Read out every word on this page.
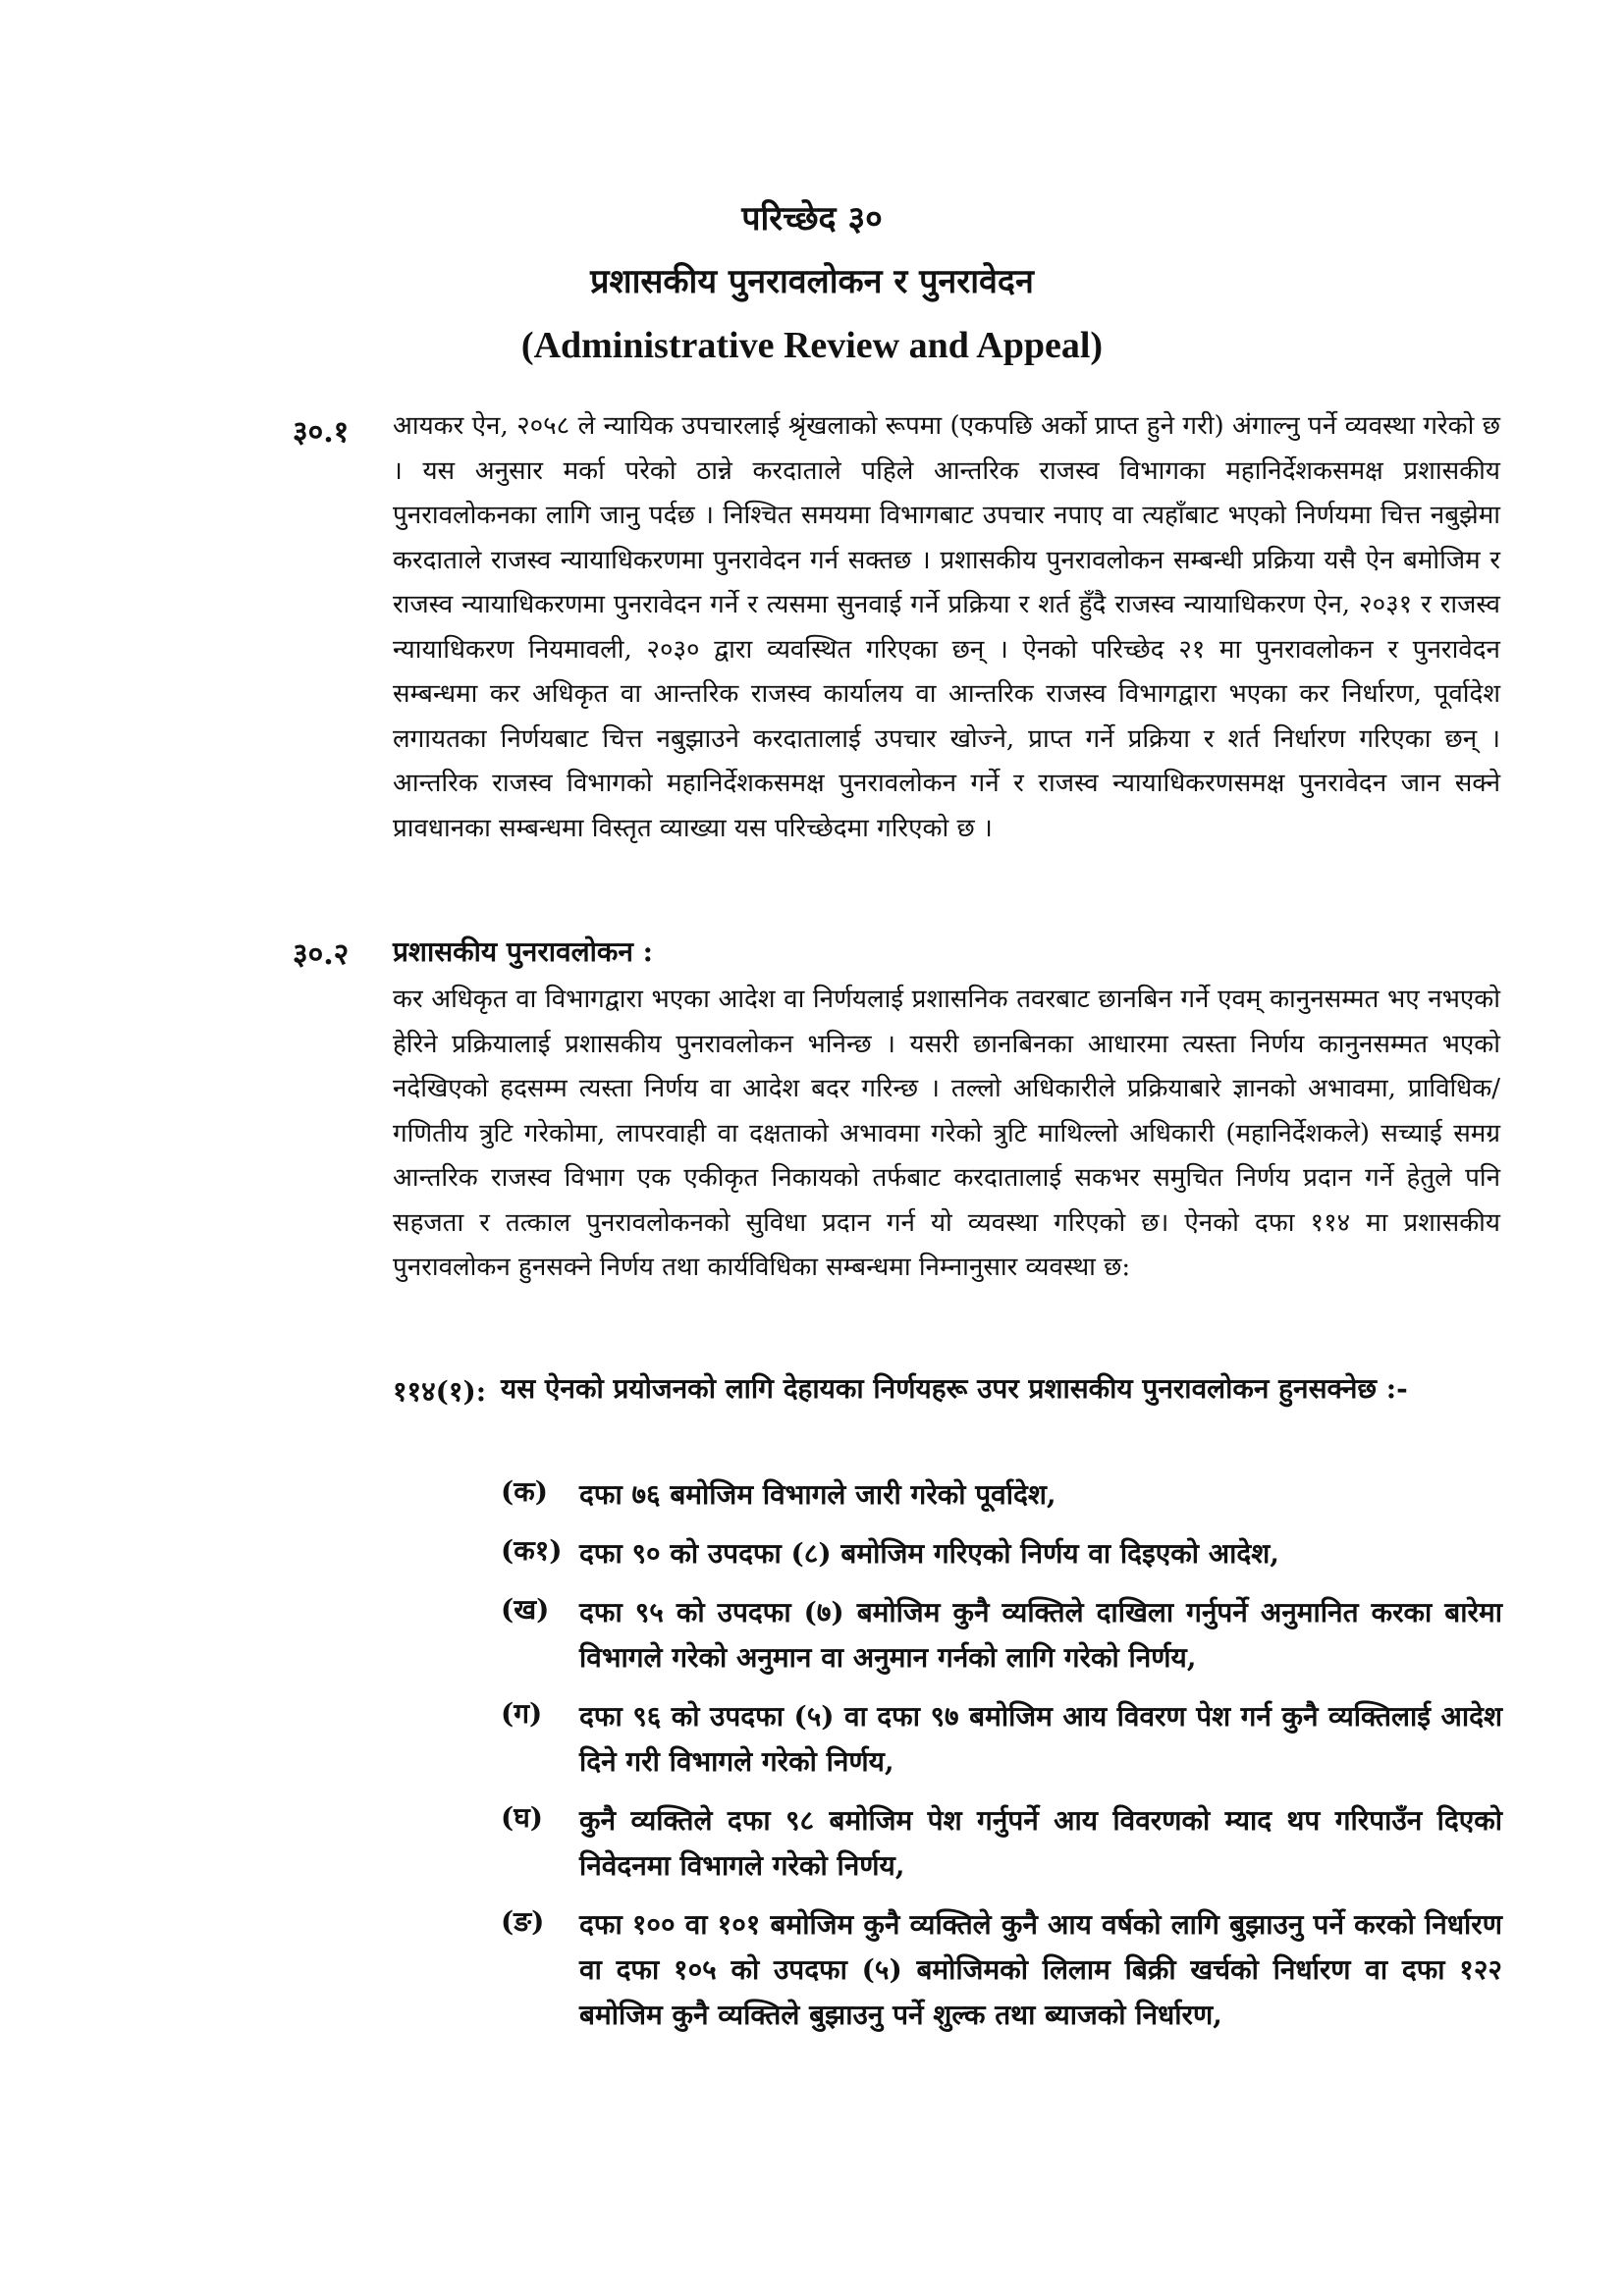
परिच्छेद ३०
प्रशासकीय पुनरावलोकन र पुनरावेदन
(Administrative Review and Appeal)
३०.१ आयकर ऐन, २०५८ ले न्यायिक उपचारलाई श्रृंखलाको रूपमा (एकपछि अर्को प्राप्त हुने गरी) अंगाल्नु पर्ने व्यवस्था गरेको छ । यस अनुसार मर्का परेको ठान्ने करदाताले पहिले आन्तरिक राजस्व विभागका महानिर्देशकसमक्ष प्रशासकीय पुनरावलोकनका लागि जानु पर्दछ । निश्चित समयमा विभागबाट उपचार नपाए वा त्यहाँबाट भएको निर्णयमा चित्त नबुझेमा करदाताले राजस्व न्यायाधिकरणमा पुनरावेदन गर्न सक्तछ । प्रशासकीय पुनरावलोकन सम्बन्धी प्रक्रिया यसै ऐन बमोजिम र राजस्व न्यायाधिकरणमा पुनरावेदन गर्ने र त्यसमा सुनवाई गर्ने प्रक्रिया र शर्त हुँदै राजस्व न्यायाधिकरण ऐन, २०३१ र राजस्व न्यायाधिकरण नियमावली, २०३० द्वारा व्यवस्थित गरिएका छन् । ऐनको परिच्छेद २१ मा पुनरावलोकन र पुनरावेदन सम्बन्धमा कर अधिकृत वा आन्तरिक राजस्व कार्यालय वा आन्तरिक राजस्व विभागद्वारा भएका कर निर्धारण, पूर्वादेश लगायतका निर्णयबाट चित्त नबुझाउने करदातालाई उपचार खोज्ने, प्राप्त गर्ने प्रक्रिया र शर्त निर्धारण गरिएका छन् । आन्तरिक राजस्व विभागको महानिर्देशकसमक्ष पुनरावलोकन गर्ने र राजस्व न्यायाधिकरणसमक्ष पुनरावेदन जान सक्ने प्रावधानका सम्बन्धमा विस्तृत व्याख्या यस परिच्छेदमा गरिएको छ ।
३०.२ प्रशासकीय पुनरावलोकन :
कर अधिकृत वा विभागद्वारा भएका आदेश वा निर्णयलाई प्रशासनिक तवरबाट छानबिन गर्ने एवम् कानुनसम्मत भए नभएको हेरिने प्रक्रियालाई प्रशासकीय पुनरावलोकन भनिन्छ । यसरी छानबिनका आधारमा त्यस्ता निर्णय कानुनसम्मत भएको नदेखिएको हदसम्म त्यस्ता निर्णय वा आदेश बदर गरिन्छ । तल्लो अधिकारीले प्रक्रियाबारे ज्ञानको अभावमा, प्राविधिक/गणितीय त्रुटि गरेकोमा, लापरवाही वा दक्षताको अभावमा गरेको त्रुटि माथिल्लो अधिकारी (महानिर्देशकले) सच्याई समग्र आन्तरिक राजस्व विभाग एक एकीकृत निकायको तर्फबाट करदातालाई सकभर समुचित निर्णय प्रदान गर्ने हेतुले पनि सहजता र तत्काल पुनरावलोकनको सुविधा प्रदान गर्न यो व्यवस्था गरिएको छ। ऐनको दफा ११४ मा प्रशासकीय पुनरावलोकन हुनसक्ने निर्णय तथा कार्यविधिका सम्बन्धमा निम्नानुसार व्यवस्था छ:
११४(१): यस ऐनको प्रयोजनको लागि देहायका निर्णयहरू उपर प्रशासकीय पुनरावलोकन हुनसक्नेछ :-
(क) दफा ७६ बमोजिम विभागले जारी गरेको पूर्वादेश,
(क१) दफा ९० को उपदफा (८) बमोजिम गरिएको निर्णय वा दिइएको आदेश,
(ख) दफा ९५ को उपदफा (७) बमोजिम कुनै व्यक्तिले दाखिला गर्नुपर्ने अनुमानित करका बारेमा विभागले गरेको अनुमान वा अनुमान गर्नको लागि गरेको निर्णय,
(ग) दफा ९६ को उपदफा (५) वा दफा ९७ बमोजिम आय विवरण पेश गर्न कुनै व्यक्तिलाई आदेश दिने गरी विभागले गरेको निर्णय,
(घ) कुनै व्यक्तिले दफा ९८ बमोजिम पेश गर्नुपर्ने आय विवरणको म्याद थप गरिपाउँन दिएको निवेदनमा विभागले गरेको निर्णय,
(ङ) दफा १०० वा १०१ बमोजिम कुनै व्यक्तिले कुनै आय वर्षको लागि बुझाउनु पर्ने करको निर्धारण वा दफा १०५ को उपदफा (५) बमोजिमको लिलाम बिक्री खर्चको निर्धारण वा दफा १२२ बमोजिम कुनै व्यक्तिले बुझाउनु पर्ने शुल्क तथा ब्याजको निर्धारण,
